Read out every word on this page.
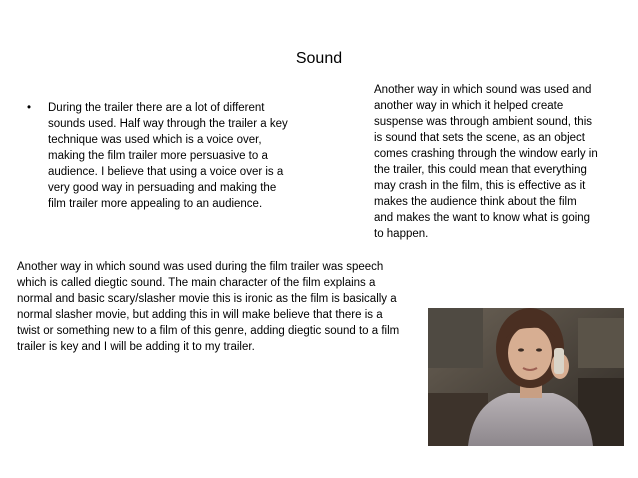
Sound
• During the trailer there are a lot of different sounds used. Half way through the trailer a key technique was used which is a voice over, making the film trailer more persuasive to a audience. I believe that using a voice over is a very good way in persuading and making the film trailer more appealing to an audience.
Another way in which sound was used and another way in which it helped create suspense was through ambient sound, this is sound that sets the scene, as an object comes crashing through the window early in the trailer, this could mean that everything may crash in the film, this is effective as it makes the audience think about the film and makes the want to know what is going to happen.
Another way in which sound was used during the film trailer was speech which is called diegtic sound. The main character of the film explains a normal and basic scary/slasher movie this is ironic as the film is basically a normal slasher movie, but adding this in will make believe that there is a twist or something new to a film of this genre, adding diegtic sound to a film trailer is key and I will be adding it to my trailer.
